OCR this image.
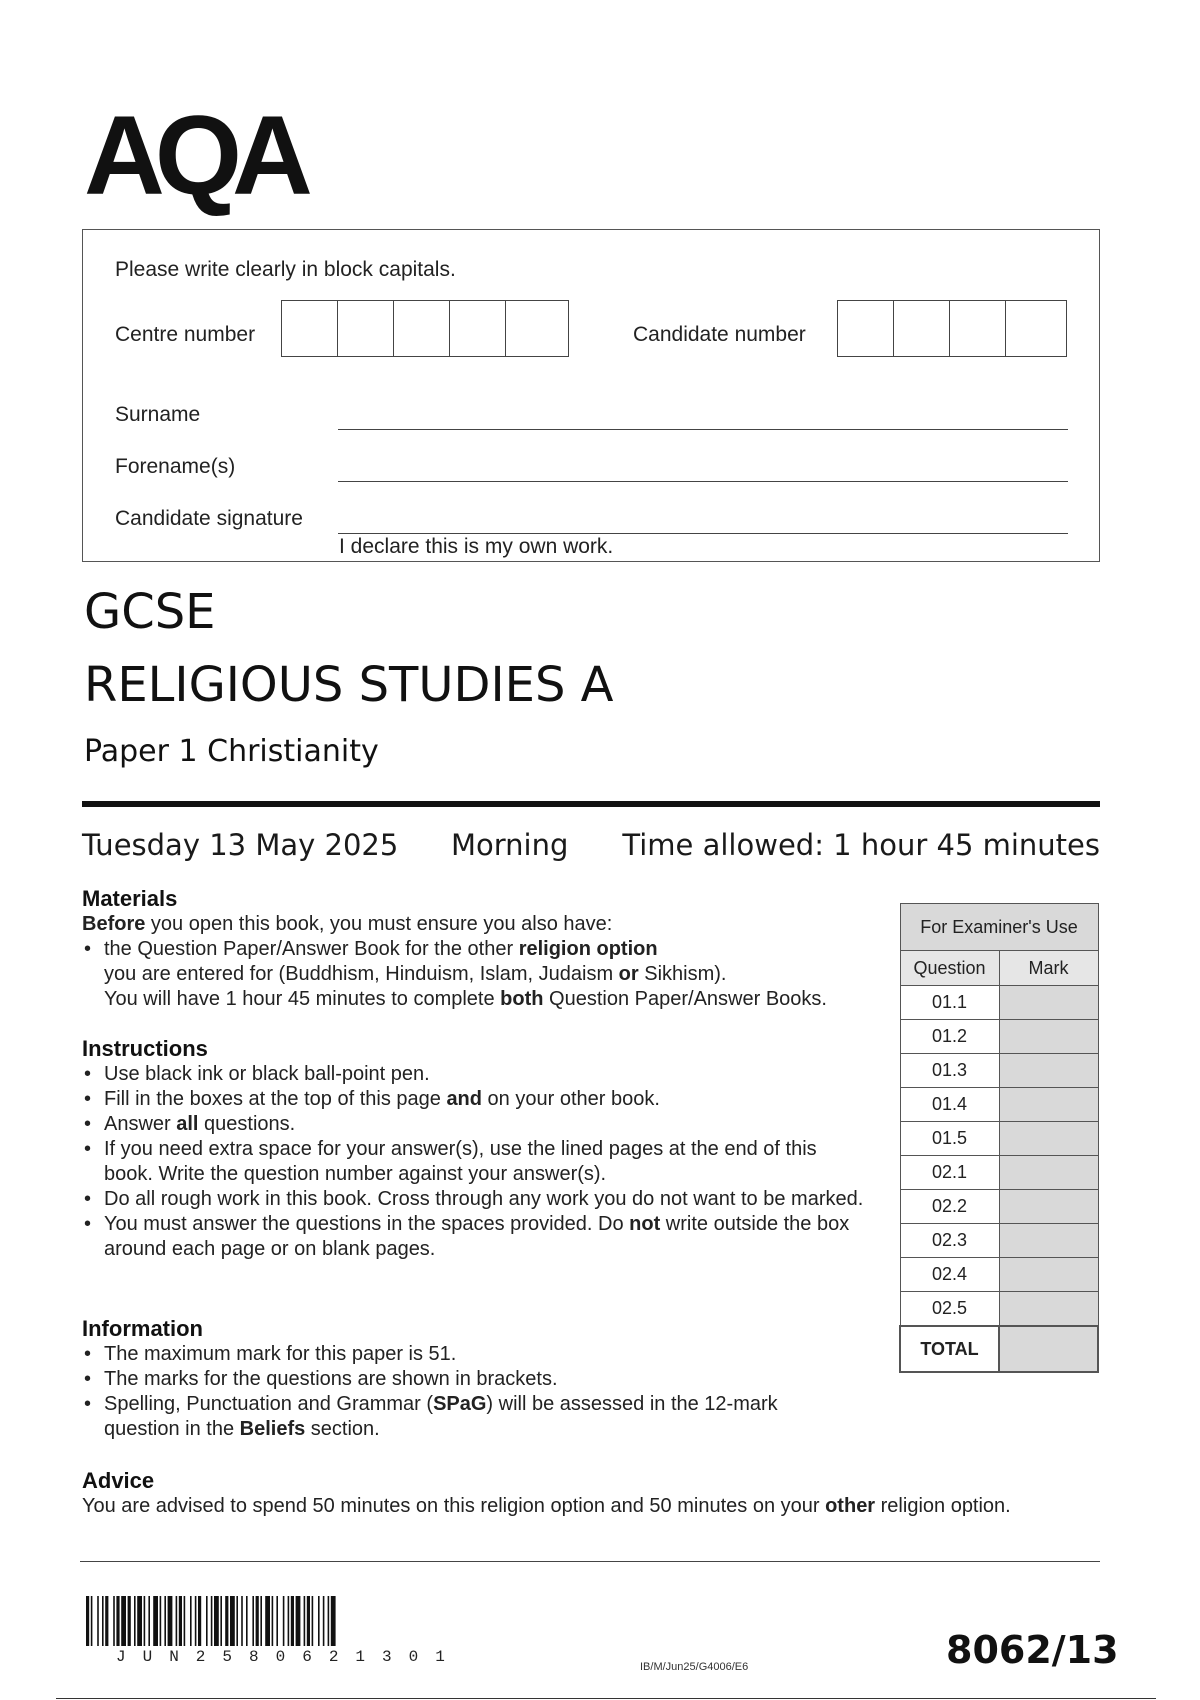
AQA
Please write clearly in block capitals.
Centre number	Candidate number
Surname
Forename(s)
Candidate signature
I declare this is my own work.
GCSE
RELIGIOUS STUDIES A
Paper 1 Christianity
Tuesday 13 May 2025 Morning Time allowed: 1 hour 45 minutes
Materials
Before you open this book, you must ensure you also have:
• the Question Paper/Answer Book for the other religion option
you are entered for (Buddhism, Hinduism, Islam, Judaism or Sikhism).
You will have 1 hour 45 minutes to complete both Question Paper/Answer Books.
Instructions
• Use black ink or black ball-point pen.
• Fill in the boxes at the top of this page and on your other book.
• Answer all questions.
• If you need extra space for your answer(s), use the lined pages at the end of this book. Write the question number against your answer(s).
• Do all rough work in this book. Cross through any work you do not want to be marked.
• You must answer the questions in the spaces provided. Do not write outside the box around each page or on blank pages.
Information
• The maximum mark for this paper is 51.
• The marks for the questions are shown in brackets.
• Spelling, Punctuation and Grammar (SPaG) will be assessed in the 12-mark question in the Beliefs section.
Advice
You are advised to spend 50 minutes on this religion option and 50 minutes on your other religion option.
For Examiner's Use	
Question	Mark
01.1	
01.2	
01.3	
01.4	
01.5	
02.1	
02.2	
02.3	
02.4	
02.5	
TOTAL	
JUN2580621301
IB/M/Jun25/G4006/E6	8062/13
